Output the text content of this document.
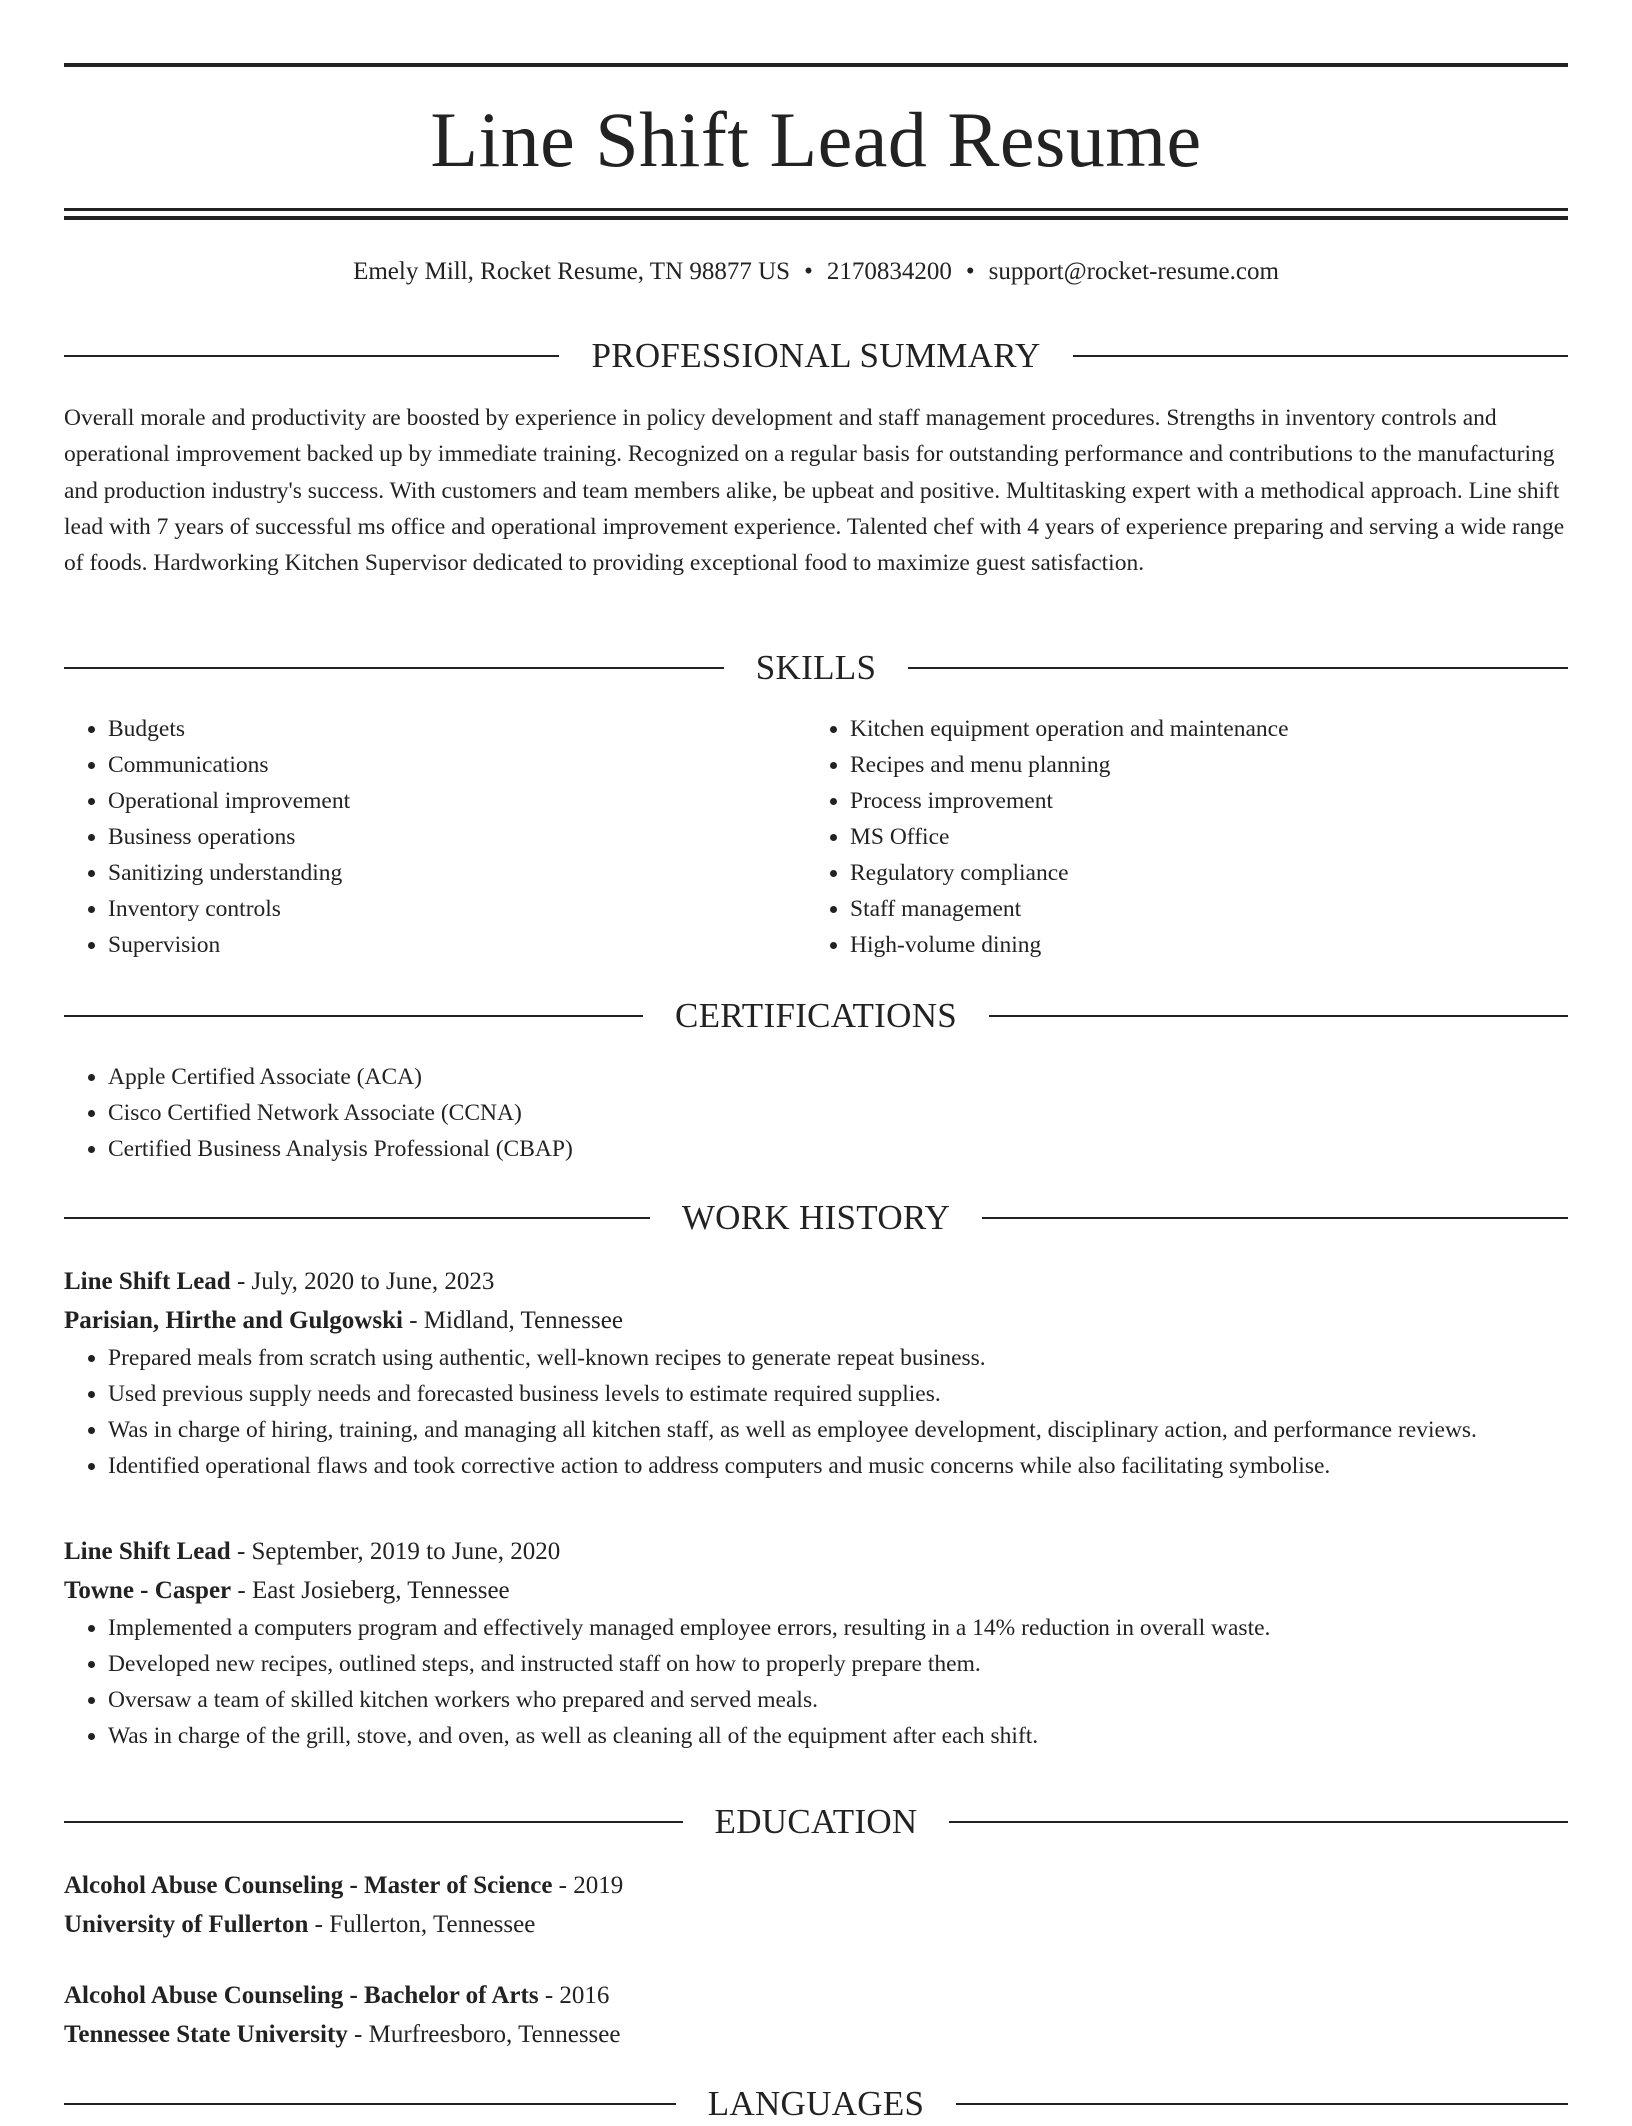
Line Shift Lead Resume
Emely Mill, Rocket Resume, TN 98877 US • 2170834200 • support@rocket-resume.com
PROFESSIONAL SUMMARY

Overall morale and productivity are boosted by experience in policy development and staff management procedures. Strengths in inventory controls and operational improvement backed up by immediate training. Recognized on a regular basis for outstanding performance and contributions to the manufacturing and production industry's success. With customers and team members alike, be upbeat and positive. Multitasking expert with a methodical approach. Line shift lead with 7 years of successful ms office and operational improvement experience. Talented chef with 4 years of experience preparing and serving a wide range of foods. Hardworking Kitchen Supervisor dedicated to providing exceptional food to maximize guest satisfaction.

SKILLS
• Budgets
• Communications
• Operational improvement
• Business operations
• Sanitizing understanding
• Inventory controls
• Supervision
• Kitchen equipment operation and maintenance
• Recipes and menu planning
• Process improvement
• MS Office
• Regulatory compliance
• Staff management
• High-volume dining
CERTIFICATIONS
• Apple Certified Associate (ACA)
• Cisco Certified Network Associate (CCNA)
• Certified Business Analysis Professional (CBAP)
WORK HISTORY
Line Shift Lead - July, 2020 to June, 2023
Parisian, Hirthe and Gulgowski - Midland, Tennessee
• Prepared meals from scratch using authentic, well-known recipes to generate repeat business.
• Used previous supply needs and forecasted business levels to estimate required supplies.
• Was in charge of hiring, training, and managing all kitchen staff, as well as employee development, disciplinary action, and performance reviews.
• Identified operational flaws and took corrective action to address computers and music concerns while also facilitating symbolise.
Line Shift Lead - September, 2019 to June, 2020
Towne - Casper - East Josieberg, Tennessee
• Implemented a computers program and effectively managed employee errors, resulting in a 14% reduction in overall waste.
• Developed new recipes, outlined steps, and instructed staff on how to properly prepare them.
• Oversaw a team of skilled kitchen workers who prepared and served meals.
• Was in charge of the grill, stove, and oven, as well as cleaning all of the equipment after each shift.
EDUCATION
Alcohol Abuse Counseling - Master of Science - 2019
University of Fullerton - Fullerton, Tennessee
Alcohol Abuse Counseling - Bachelor of Arts - 2016
Tennessee State University - Murfreesboro, Tennessee
LANGUAGES
